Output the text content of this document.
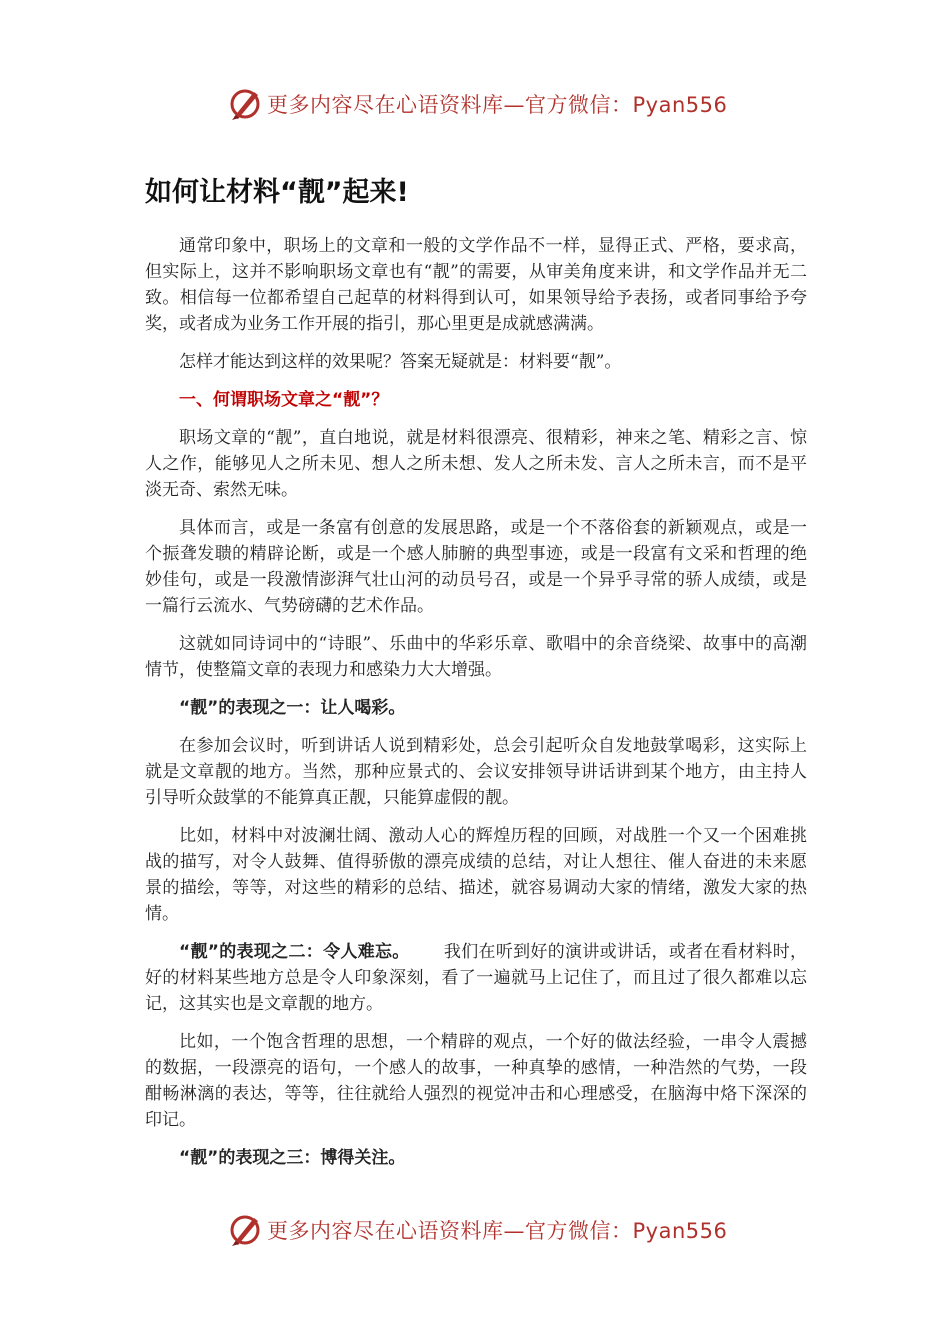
更多内容尽在心语资料库—官方微信：Pyan556
如何让材料“靓”起来!

通常印象中，职场上的文章和一般的文学作品不一样，显得正式、严格，要求高，但实际上，这并不影响职场文章也有“靓”的需要，从审美角度来讲，和文学作品并无二致。相信每一位都希望自己起草的材料得到认可，如果领导给予表扬，或者同事给予夸奖，或者成为业务工作开展的指引，那心里更是成就感满满。

怎样才能达到这样的效果呢？答案无疑就是：材料要“靓”。

一、何谓职场文章之“靓”？

职场文章的“靓”，直白地说，就是材料很漂亮、很精彩，神来之笔、精彩之言、惊人之作，能够见人之所未见、想人之所未想、发人之所未发、言人之所未言，而不是平淡无奇、索然无味。

具体而言，或是一条富有创意的发展思路，或是一个不落俗套的新颖观点，或是一个振聋发聩的精辟论断，或是一个感人肺腑的典型事迹，或是一段富有文采和哲理的绝妙佳句，或是一段激情澎湃气壮山河的动员号召，或是一个异乎寻常的骄人成绩，或是一篇行云流水、气势磅礴的艺术作品。

这就如同诗词中的“诗眼”、乐曲中的华彩乐章、歌唱中的余音绕梁、故事中的高潮情节，使整篇文章的表现力和感染力大大增强。

“靓”的表现之一：让人喝彩。

在参加会议时，听到讲话人说到精彩处，总会引起听众自发地鼓掌喝彩，这实际上就是文章靓的地方。当然，那种应景式的、会议安排领导讲话讲到某个地方，由主持人引导听众鼓掌的不能算真正靓，只能算虚假的靓。

比如，材料中对波澜壮阔、激动人心的辉煌历程的回顾，对战胜一个又一个困难挑战的描写，对令人鼓舞、值得骄傲的漂亮成绩的总结，对让人想往、催人奋进的未来愿景的描绘，等等，对这些的精彩的总结、描述，就容易调动大家的情绪，激发大家的热情。

“靓”的表现之二：令人难忘。   我们在听到好的演讲或讲话，或者在看材料时，好的材料某些地方总是令人印象深刻，看了一遍就马上记住了，而且过了很久都难以忘记，这其实也是文章靓的地方。

比如，一个饱含哲理的思想，一个精辟的观点，一个好的做法经验，一串令人震撼的数据，一段漂亮的语句，一个感人的故事，一种真挚的感情，一种浩然的气势，一段酣畅淋漓的表达，等等，往往就给人强烈的视觉冲击和心理感受，在脑海中烙下深深的印记。

“靓”的表现之三：博得关注。

更多内容尽在心语资料库—官方微信：Pyan556
